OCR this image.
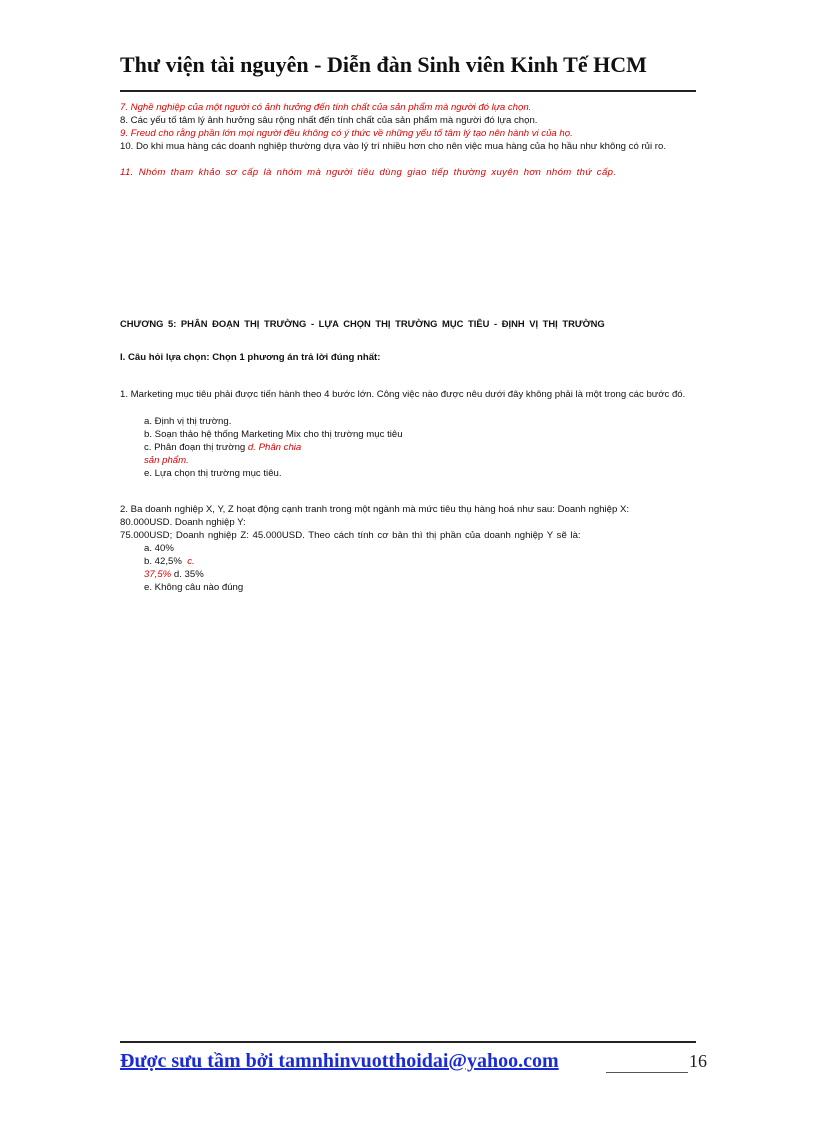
Thư viện tài nguyên - Diễn đàn Sinh viên Kinh Tế HCM
7. Nghề nghiệp của một người có ảnh hưởng đến tính chất của sản phẩm mà người đó lựa chọn.
8. Các yếu tố tâm lý ảnh hưởng sâu rộng nhất đến tính chất của sản phẩm mà người đó lựa chọn.
9. Freud cho rằng phần lớn mọi người đều không có ý thức về những yếu tố tâm lý tạo nên hành vi của họ.
10. Do khi mua hàng các doanh nghiệp thường dựa vào lý trí nhiều hơn cho nên việc mua hàng của họ hầu như không có rủi ro.
11. Nhóm tham khảo sơ cấp là nhóm mà người tiêu dùng giao tiếp thường xuyên hơn nhóm thứ cấp.
CHƯƠNG 5: PHÂN ĐOẠN THỊ TRƯỜNG - LỰA CHỌN THỊ TRƯỜNG MỤC TIÊU - ĐỊNH VỊ THỊ TRƯỜNG
I. Câu hỏi lựa chọn: Chọn 1 phương án trả lời đúng nhất:
1. Marketing mục tiêu phải được tiến hành theo 4 bước lớn. Công việc nào được nêu dưới đây không phải là một trong các bước đó.
a. Định vị thị trường.
b. Soạn thảo hệ thống Marketing Mix cho thị trường mục tiêu
c. Phân đoạn thị trường d. Phân chia
sản phẩm.
e. Lựa chọn thị trường mục tiêu.
2. Ba doanh nghiệp X, Y, Z hoạt động cạnh tranh trong một ngành mà mức tiêu thụ hàng hoá như sau: Doanh nghiệp X:
80.000USD. Doanh nghiệp Y:
75.000USD; Doanh nghiệp Z: 45.000USD. Theo cách tính cơ bản thì thị phần của doanh nghiệp Y sẽ là:
a. 40%
b. 42,5% c.
37,5% d. 35%
e. Không câu nào đúng
Được sưu tầm bởi tamnhinvuotthoidai@yahoo.com	16
